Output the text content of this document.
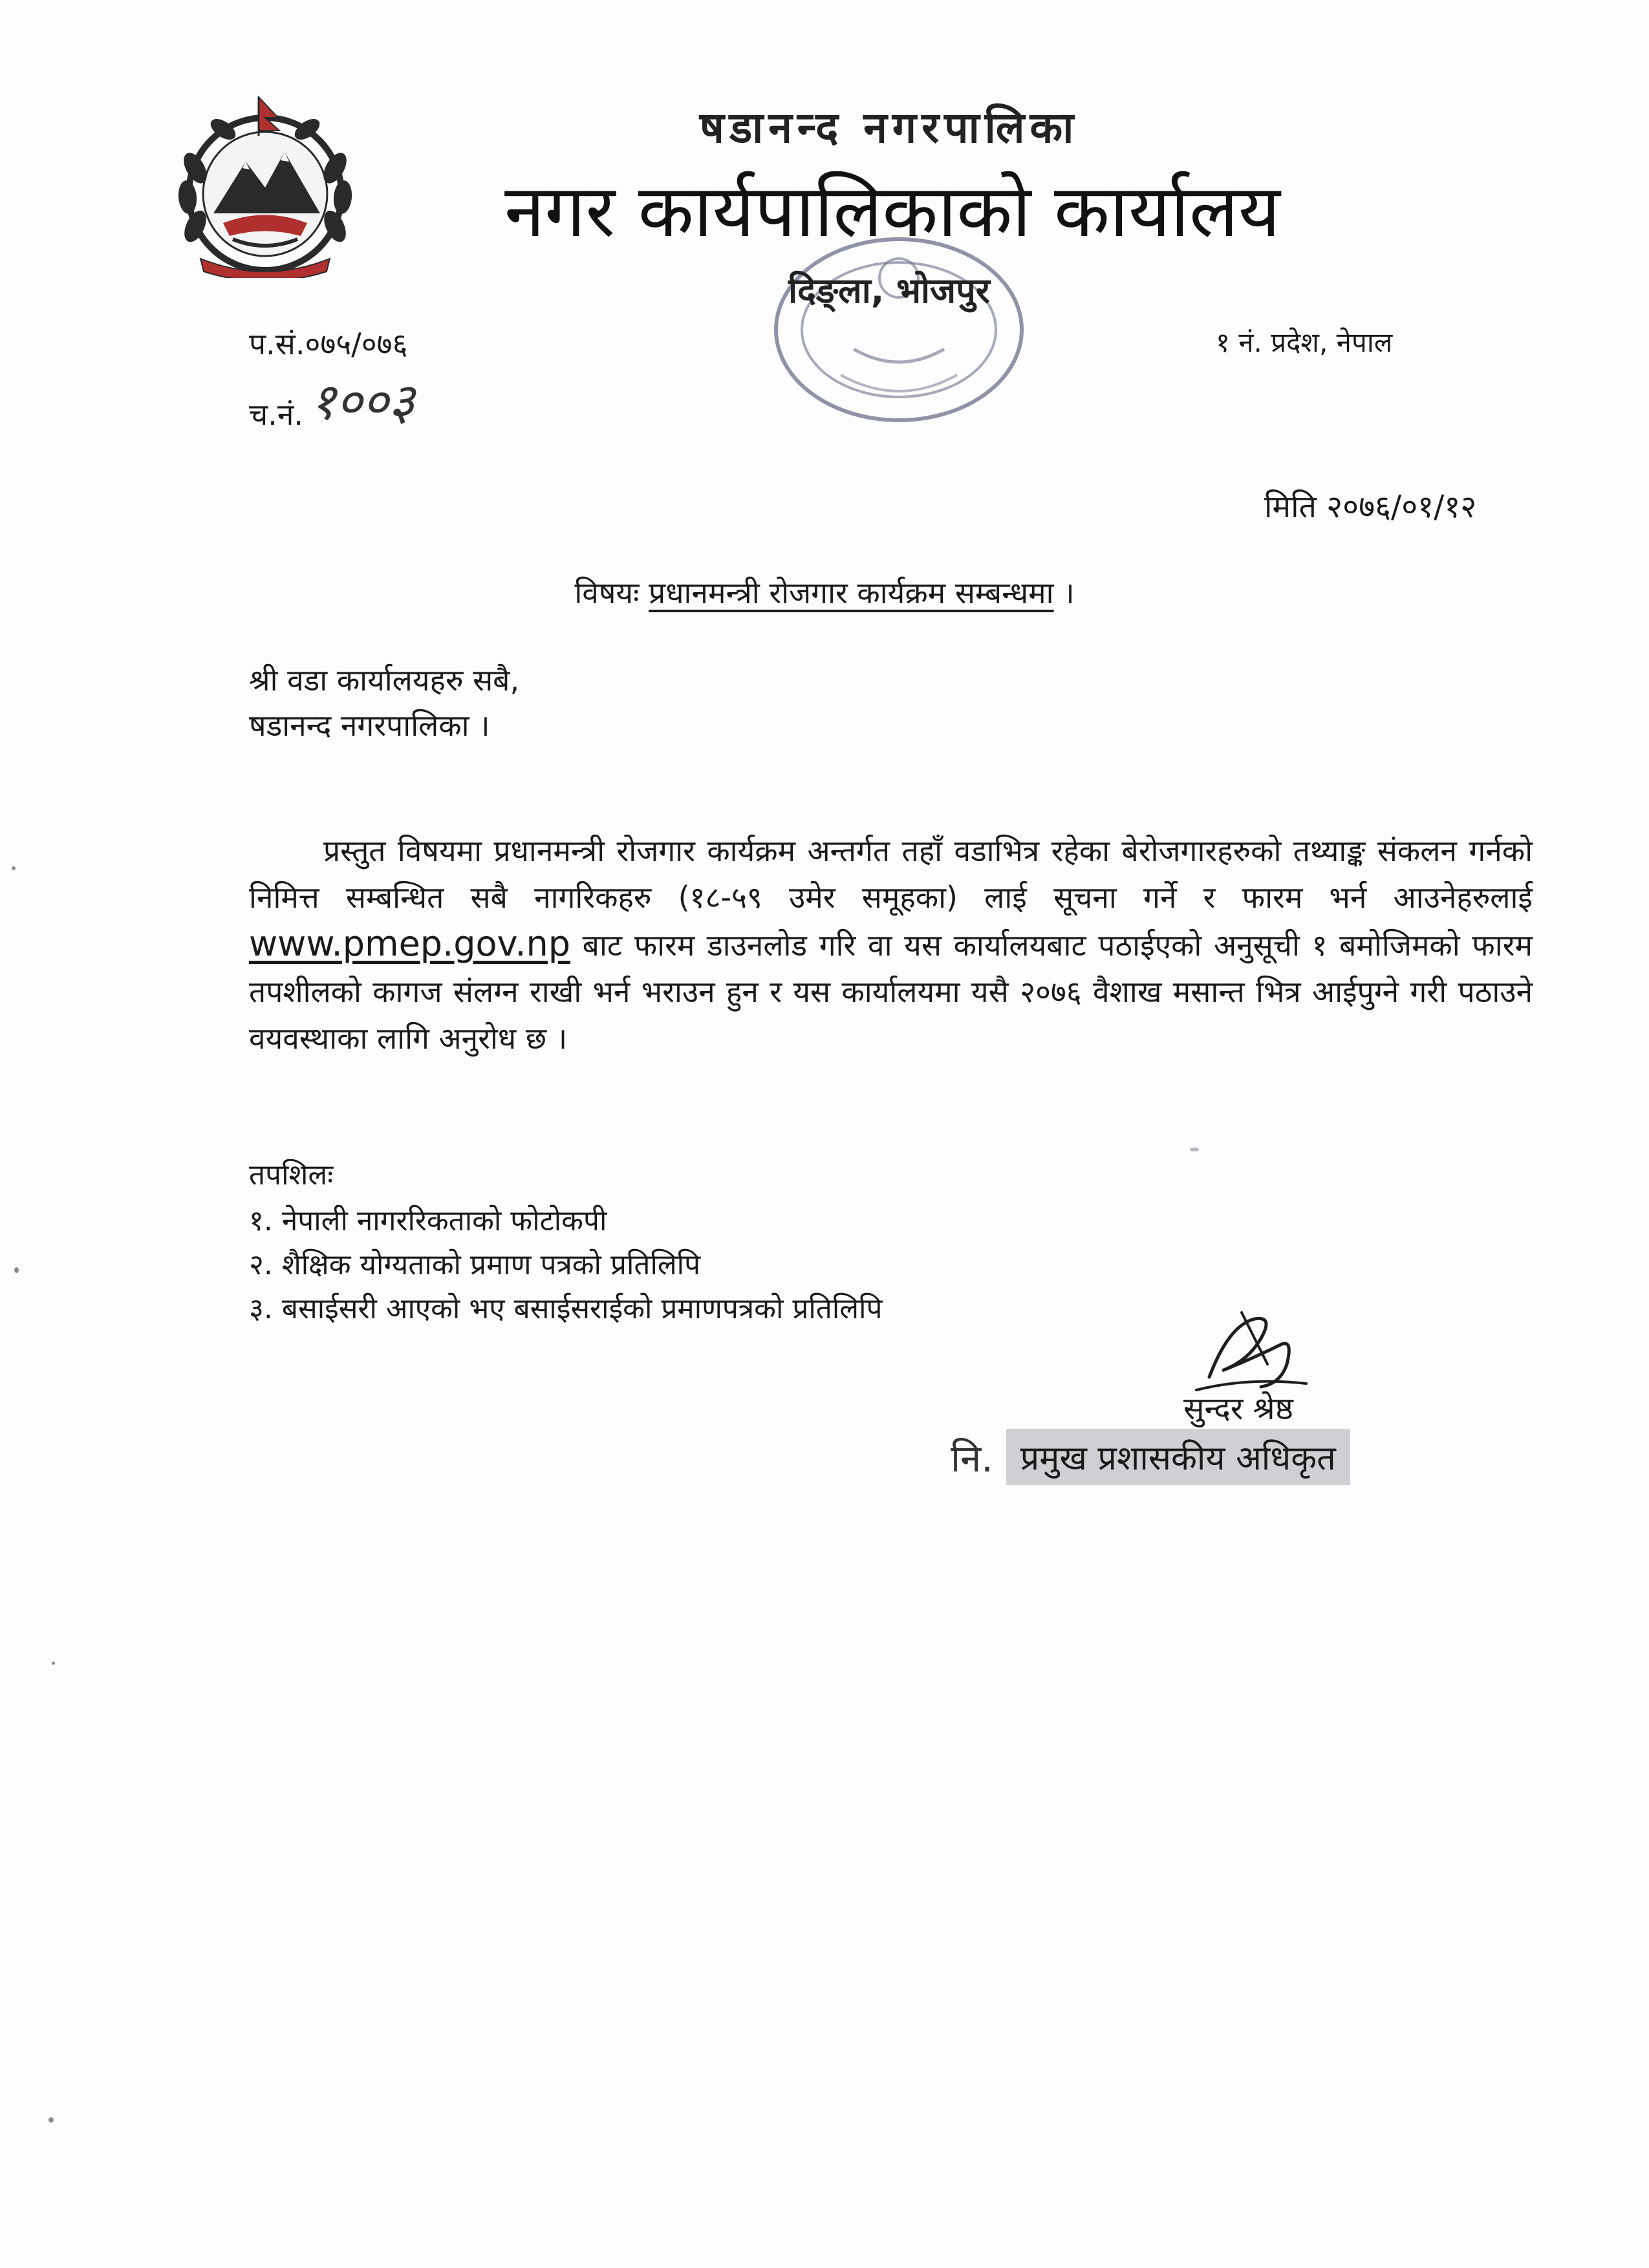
षडानन्द नगरपालिका
नगर कार्यपालिकाको कार्यालय
दिङ्ला, भोजपुर
प.सं.०७५/०७६
च.नं. १००३
१ नं. प्रदेश, नेपाल
मिति २०७६/०१/१२
विषयः प्रधानमन्त्री रोजगार कार्यक्रम सम्बन्धमा ।
श्री वडा कार्यालयहरु सबै,
षडानन्द नगरपालिका ।
प्रस्तुत विषयमा प्रधानमन्त्री रोजगार कार्यक्रम अन्तर्गत तहाँ वडाभित्र रहेका बेरोजगारहरुको तथ्याङ्क संकलन गर्नको निमित्त सम्बन्धित सबै नागरिकहरु (१८-५९ उमेर समूहका) लाई सूचना गर्ने र फारम भर्न आउनेहरुलाई www.pmep.gov.np बाट फारम डाउनलोड गरि वा यस कार्यालयबाट पठाईएको अनुसूची १ बमोजिमको फारम तपशीलको कागज संलग्न राखी भर्न भराउन हुन र यस कार्यालयमा यसै २०७६ वैशाख मसान्त भित्र आईपुग्ने गरी पठाउने वयवस्थाका लागि अनुरोध छ ।
तपशिलः
१. नेपाली नागररिकताको फोटोकपी
२. शैक्षिक योग्यताको प्रमाण पत्रको प्रतिलिपि
३. बसाईसरी आएको भए बसाईसराईको प्रमाणपत्रको प्रतिलिपि
सुन्दर श्रेष्ठ
नि. प्रमुख प्रशासकीय अधिकृत
